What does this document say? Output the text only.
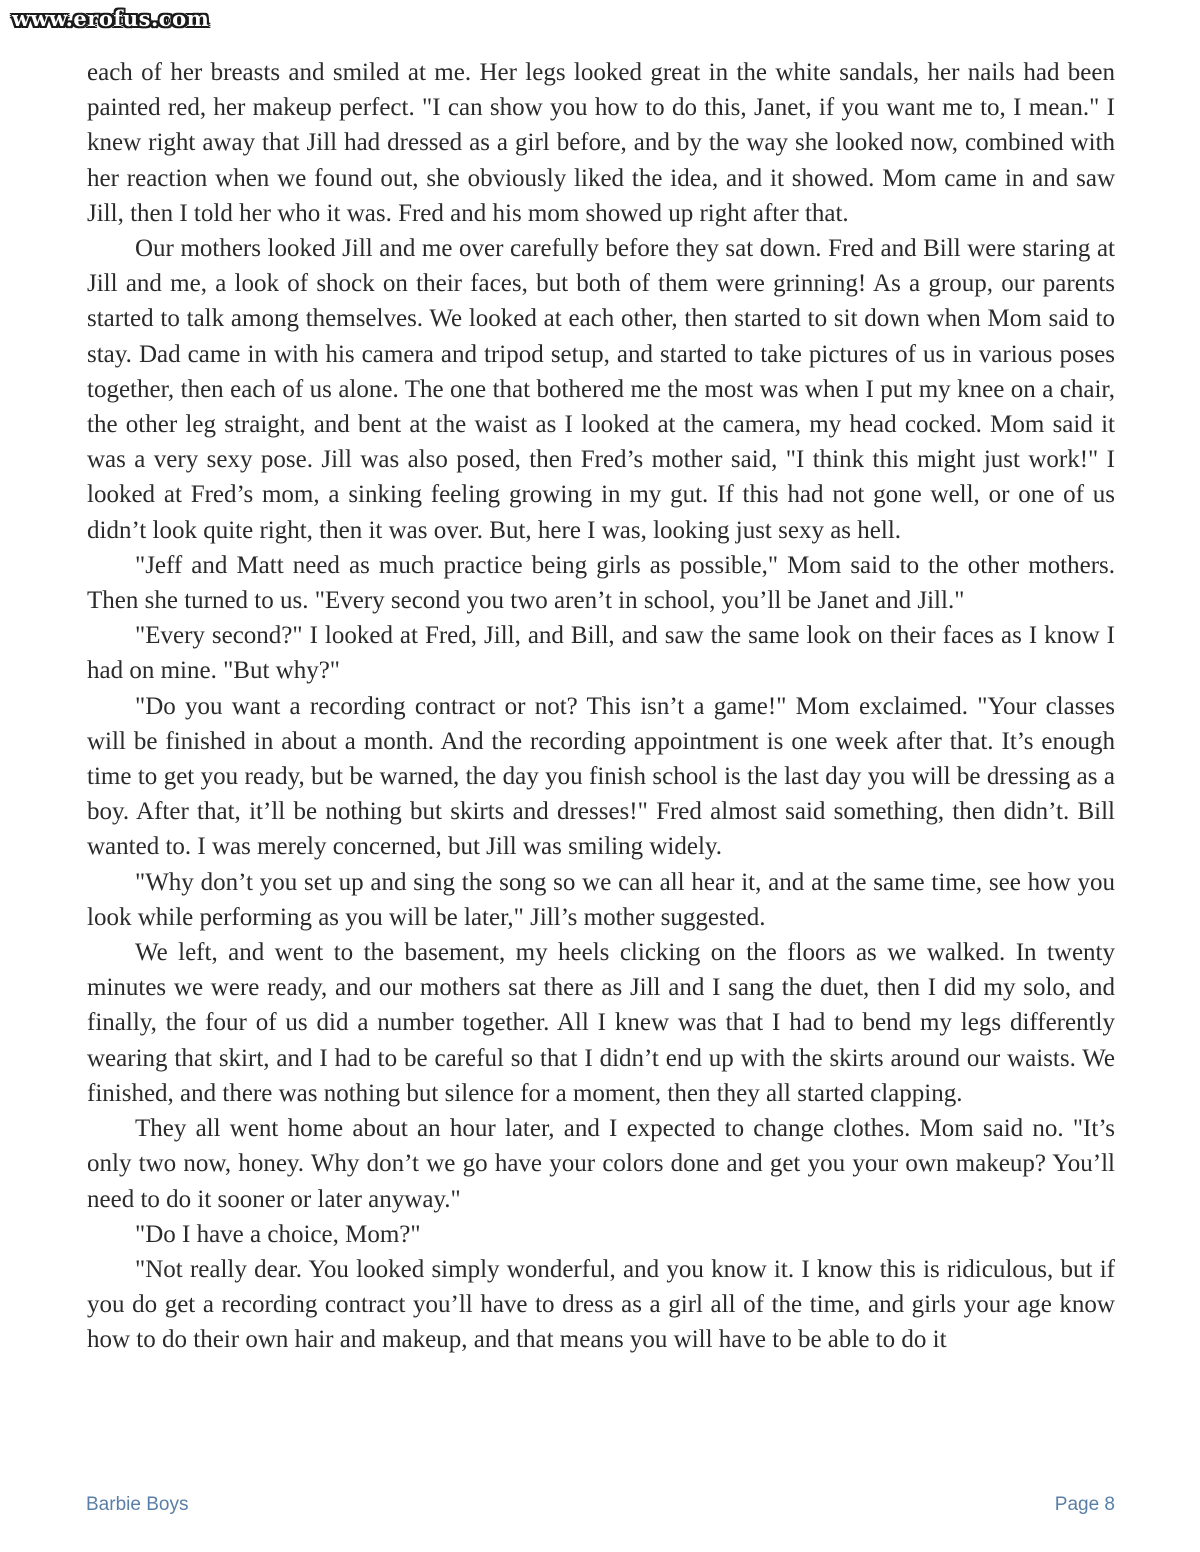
www.erofus.com

each of her breasts and smiled at me. Her legs looked great in the white sandals, her nails had been painted red, her makeup perfect. "I can show you how to do this, Janet, if you want me to, I mean." I knew right away that Jill had dressed as a girl before, and by the way she looked now, combined with her reaction when we found out, she obviously liked the idea, and it showed. Mom came in and saw Jill, then I told her who it was. Fred and his mom showed up right after that.

Our mothers looked Jill and me over carefully before they sat down. Fred and Bill were staring at Jill and me, a look of shock on their faces, but both of them were grinning! As a group, our parents started to talk among themselves. We looked at each other, then started to sit down when Mom said to stay. Dad came in with his camera and tripod setup, and started to take pictures of us in various poses together, then each of us alone. The one that bothered me the most was when I put my knee on a chair, the other leg straight, and bent at the waist as I looked at the camera, my head cocked. Mom said it was a very sexy pose. Jill was also posed, then Fred’s mother said, "I think this might just work!" I looked at Fred’s mom, a sinking feeling growing in my gut. If this had not gone well, or one of us didn’t look quite right, then it was over. But, here I was, looking just sexy as hell.

"Jeff and Matt need as much practice being girls as possible," Mom said to the other mothers. Then she turned to us. "Every second you two aren’t in school, you’ll be Janet and Jill."

"Every second?" I looked at Fred, Jill, and Bill, and saw the same look on their faces as I know I had on mine. "But why?"

"Do you want a recording contract or not? This isn’t a game!" Mom exclaimed. "Your classes will be finished in about a month. And the recording appointment is one week after that. It’s enough time to get you ready, but be warned, the day you finish school is the last day you will be dressing as a boy. After that, it’ll be nothing but skirts and dresses!" Fred almost said something, then didn’t. Bill wanted to. I was merely concerned, but Jill was smiling widely.

"Why don’t you set up and sing the song so we can all hear it, and at the same time, see how you look while performing as you will be later," Jill’s mother suggested.

We left, and went to the basement, my heels clicking on the floors as we walked. In twenty minutes we were ready, and our mothers sat there as Jill and I sang the duet, then I did my solo, and finally, the four of us did a number together. All I knew was that I had to bend my legs differently wearing that skirt, and I had to be careful so that I didn’t end up with the skirts around our waists. We finished, and there was nothing but silence for a moment, then they all started clapping.

They all went home about an hour later, and I expected to change clothes. Mom said no. "It’s only two now, honey. Why don’t we go have your colors done and get you your own makeup? You’ll need to do it sooner or later anyway."

"Do I have a choice, Mom?"

"Not really dear. You looked simply wonderful, and you know it. I know this is ridiculous, but if you do get a recording contract you’ll have to dress as a girl all of the time, and girls your age know how to do their own hair and makeup, and that means you will have to be able to do it

Barbie Boys	Page 8
